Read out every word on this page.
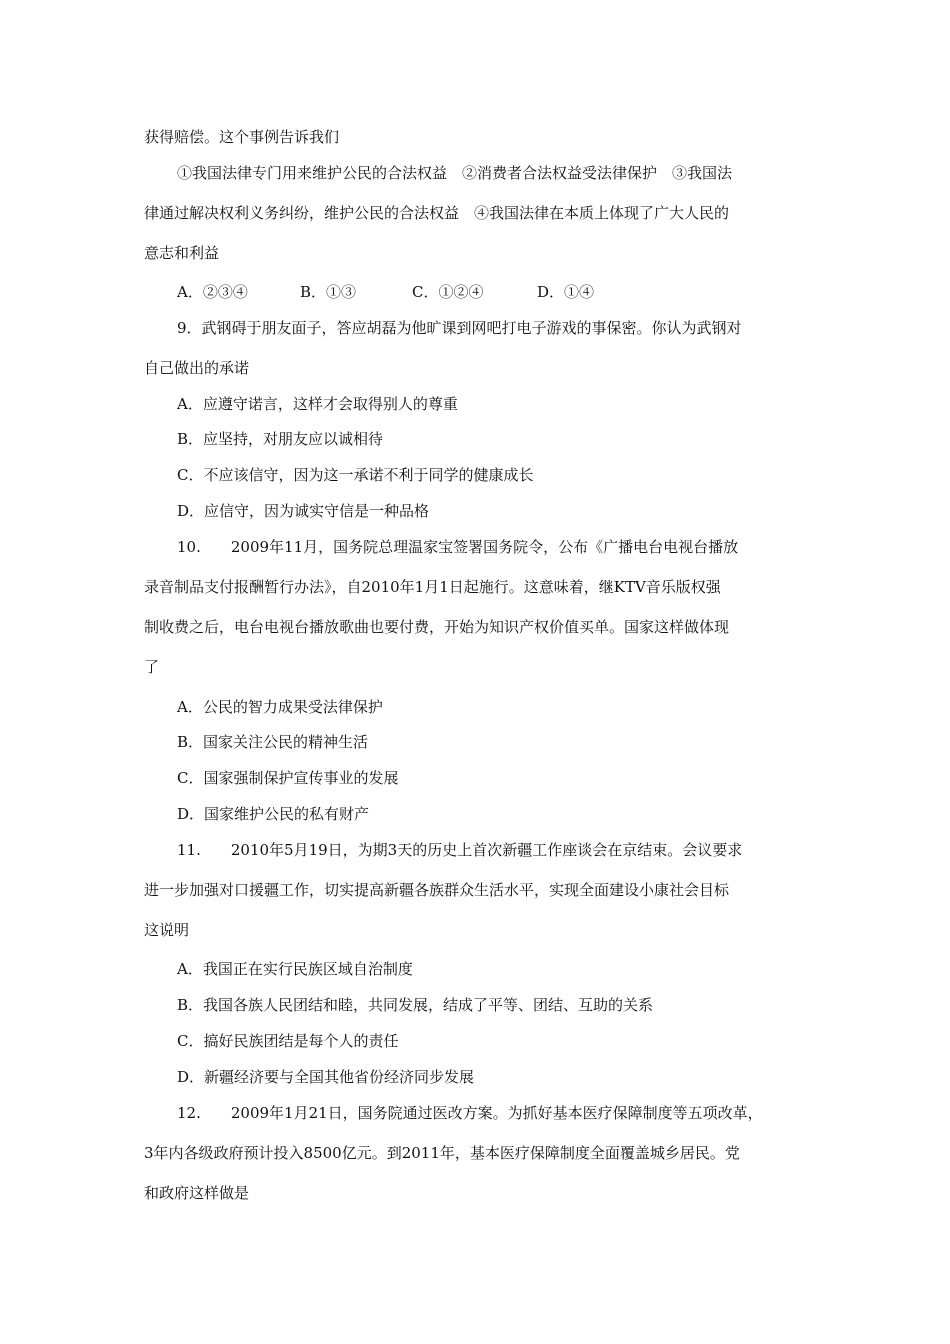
获得赔偿。这个事例告诉我们
①我国法律专门用来维护公民的合法权益　②消费者合法权益受法律保护　③我国法
律通过解决权利义务纠纷，维护公民的合法权益　④我国法律在本质上体现了广大人民的
意志和利益
A．②③④	B．①③	C．①②④	D．①④
9．武钢碍于朋友面子，答应胡磊为他旷课到网吧打电子游戏的事保密。你认为武钢对
自己做出的承诺
A．应遵守诺言，这样才会取得别人的尊重
B．应坚持，对朋友应以诚相待
C．不应该信守，因为这一承诺不利于同学的健康成长
D．应信守，因为诚实守信是一种品格
10.　　2009年11月，国务院总理温家宝签署国务院令，公布《广播电台电视台播放
录音制品支付报酬暂行办法》，自2010年1月1日起施行。这意味着，继KTV音乐版权强
制收费之后，电台电视台播放歌曲也要付费，开始为知识产权价值买单。国家这样做体现
了
A．公民的智力成果受法律保护
B．国家关注公民的精神生活
C．国家强制保护宣传事业的发展
D．国家维护公民的私有财产
11.　　2010年5月19日，为期3天的历史上首次新疆工作座谈会在京结束。会议要求
进一步加强对口援疆工作，切实提高新疆各族群众生活水平，实现全面建设小康社会目标
这说明
A．我国正在实行民族区域自治制度
B．我国各族人民团结和睦，共同发展，结成了平等、团结、互助的关系
C．搞好民族团结是每个人的责任
D．新疆经济要与全国其他省份经济同步发展
12.　　2009年1月21日，国务院通过医改方案。为抓好基本医疗保障制度等五项改革，
3年内各级政府预计投入8500亿元。到2011年，基本医疗保障制度全面覆盖城乡居民。党
和政府这样做是
